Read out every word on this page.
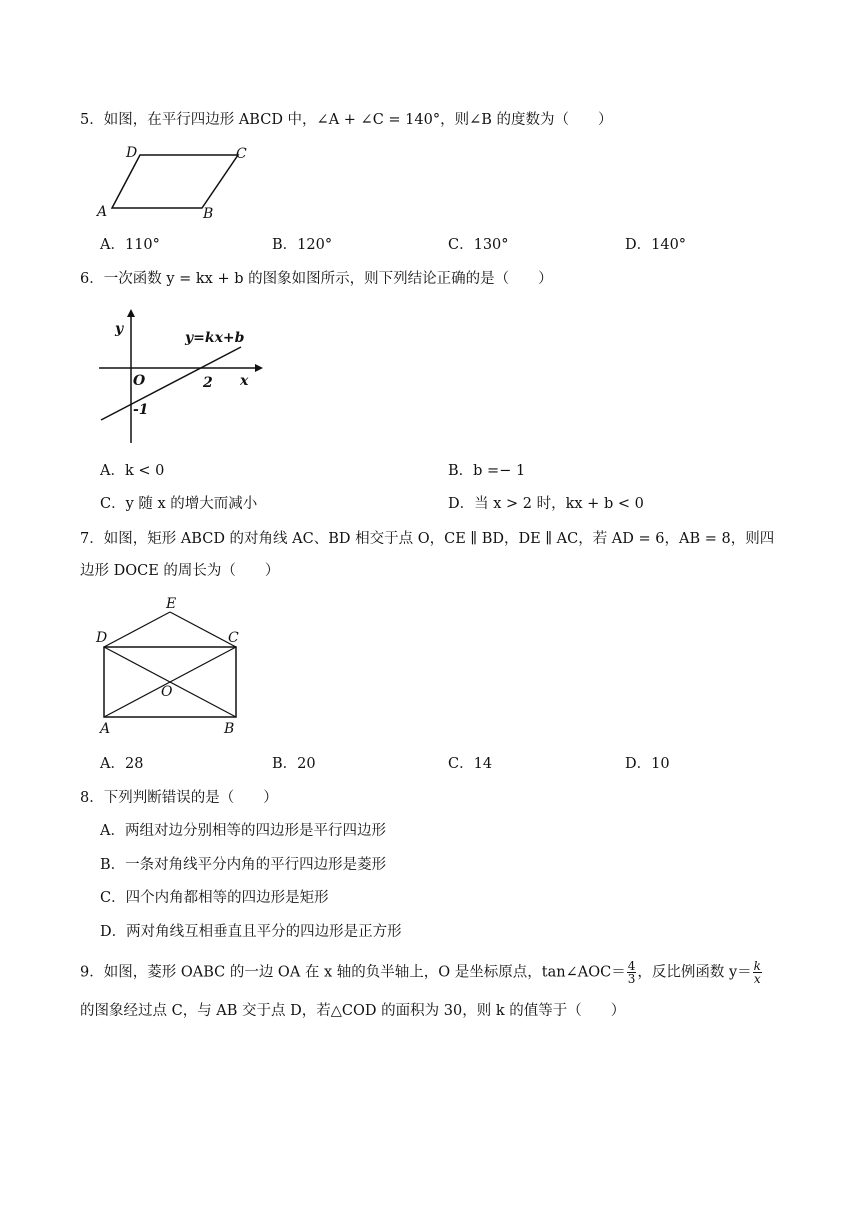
5．如图，在平行四边形 ABCD 中，∠A + ∠C = 140°，则∠B 的度数为（　　）
A	B
C
D
A．110°	B．120°	C．130°	D．140°
6．一次函数 y = kx + b 的图象如图所示，则下列结论正确的是（　　）
y
x
O	2
-1
y=kx+b
A．k < 0	B．b =− 1
C．y 随 x 的增大而减小	D．当 x > 2 时，kx + b < 0
7．如图，矩形 ABCD 的对角线 AC、BD 相交于点 O，CE ∥ BD，DE ∥ AC，若 AD = 6，AB = 8，则四
边形 DOCE 的周长为（　　）
E
D	C
O
A	B
A．28	B．20	C．14	D．10
8．下列判断错误的是（　　）
A．两组对边分别相等的四边形是平行四边形
B．一条对角线平分内角的平行四边形是菱形
C．四个内角都相等的四边形是矩形
D．两对角线互相垂直且平分的四边形是正方形
9．如图，菱形 OABC 的一边 OA 在 x 轴的负半轴上，O 是坐标原点，tan∠AOC＝ $\frac{4}{3}$ ，反比例函数 $y= \frac{k}{x}$
的图象经过点 C，与 AB 交于点 D，若△COD 的面积为 30，则 k 的值等于（　　）
